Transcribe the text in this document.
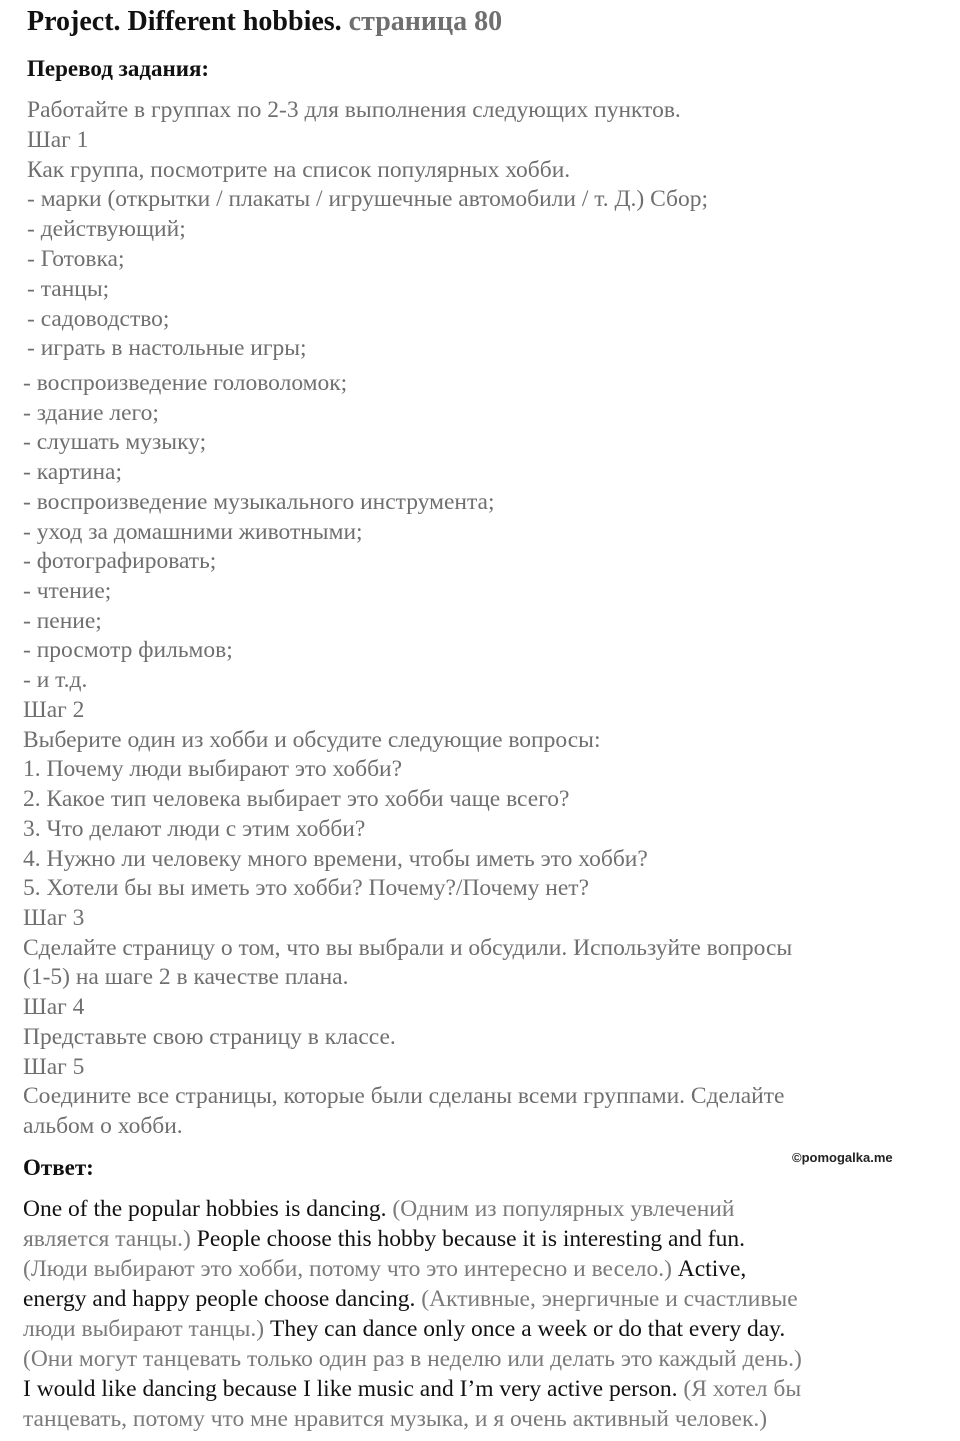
Project. Different hobbies. страница 80
Перевод задания:
Работайте в группах по 2-3 для выполнения следующих пунктов.
Шаг 1
Как группа, посмотрите на список популярных хобби.
- марки (открытки / плакаты / игрушечные автомобили / т. Д.) Сбор;
- действующий;
- Готовка;
- танцы;
- садоводство;
- играть в настольные игры;
- воспроизведение головоломок;
- здание лего;
- слушать музыку;
- картина;
- воспроизведение музыкального инструмента;
- уход за домашними животными;
- фотографировать;
- чтение;
- пение;
- просмотр фильмов;
- и т.д.
Шаг 2
Выберите один из хобби и обсудите следующие вопросы:
1. Почему люди выбирают это хобби?
2. Какое тип человека выбирает это хобби чаще всего?
3. Что делают люди с этим хобби?
4. Нужно ли человеку много времени, чтобы иметь это хобби?
5. Хотели бы вы иметь это хобби? Почему?/Почему нет?
Шаг 3
Сделайте страницу о том, что вы выбрали и обсудили. Используйте вопросы
(1-5) на шаге 2 в качестве плана.
Шаг 4
Представьте свою страницу в классе.
Шаг 5
Соедините все страницы, которые были сделаны всеми группами. Сделайте
альбом о хобби.
Ответ:	©pomogalka.me
One of the popular hobbies is dancing. (Одним из популярных увлечений
является танцы.) People choose this hobby because it is interesting and fun.
(Люди выбирают это хобби, потому что это интересно и весело.) Active,
energy and happy people choose dancing. (Активные, энергичные и счастливые
люди выбирают танцы.) They can dance only once a week or do that every day.
(Они могут танцевать только один раз в неделю или делать это каждый день.)
I would like dancing because I like music and I’m very active person. (Я хотел бы
танцевать, потому что мне нравится музыка, и я очень активный человек.)
